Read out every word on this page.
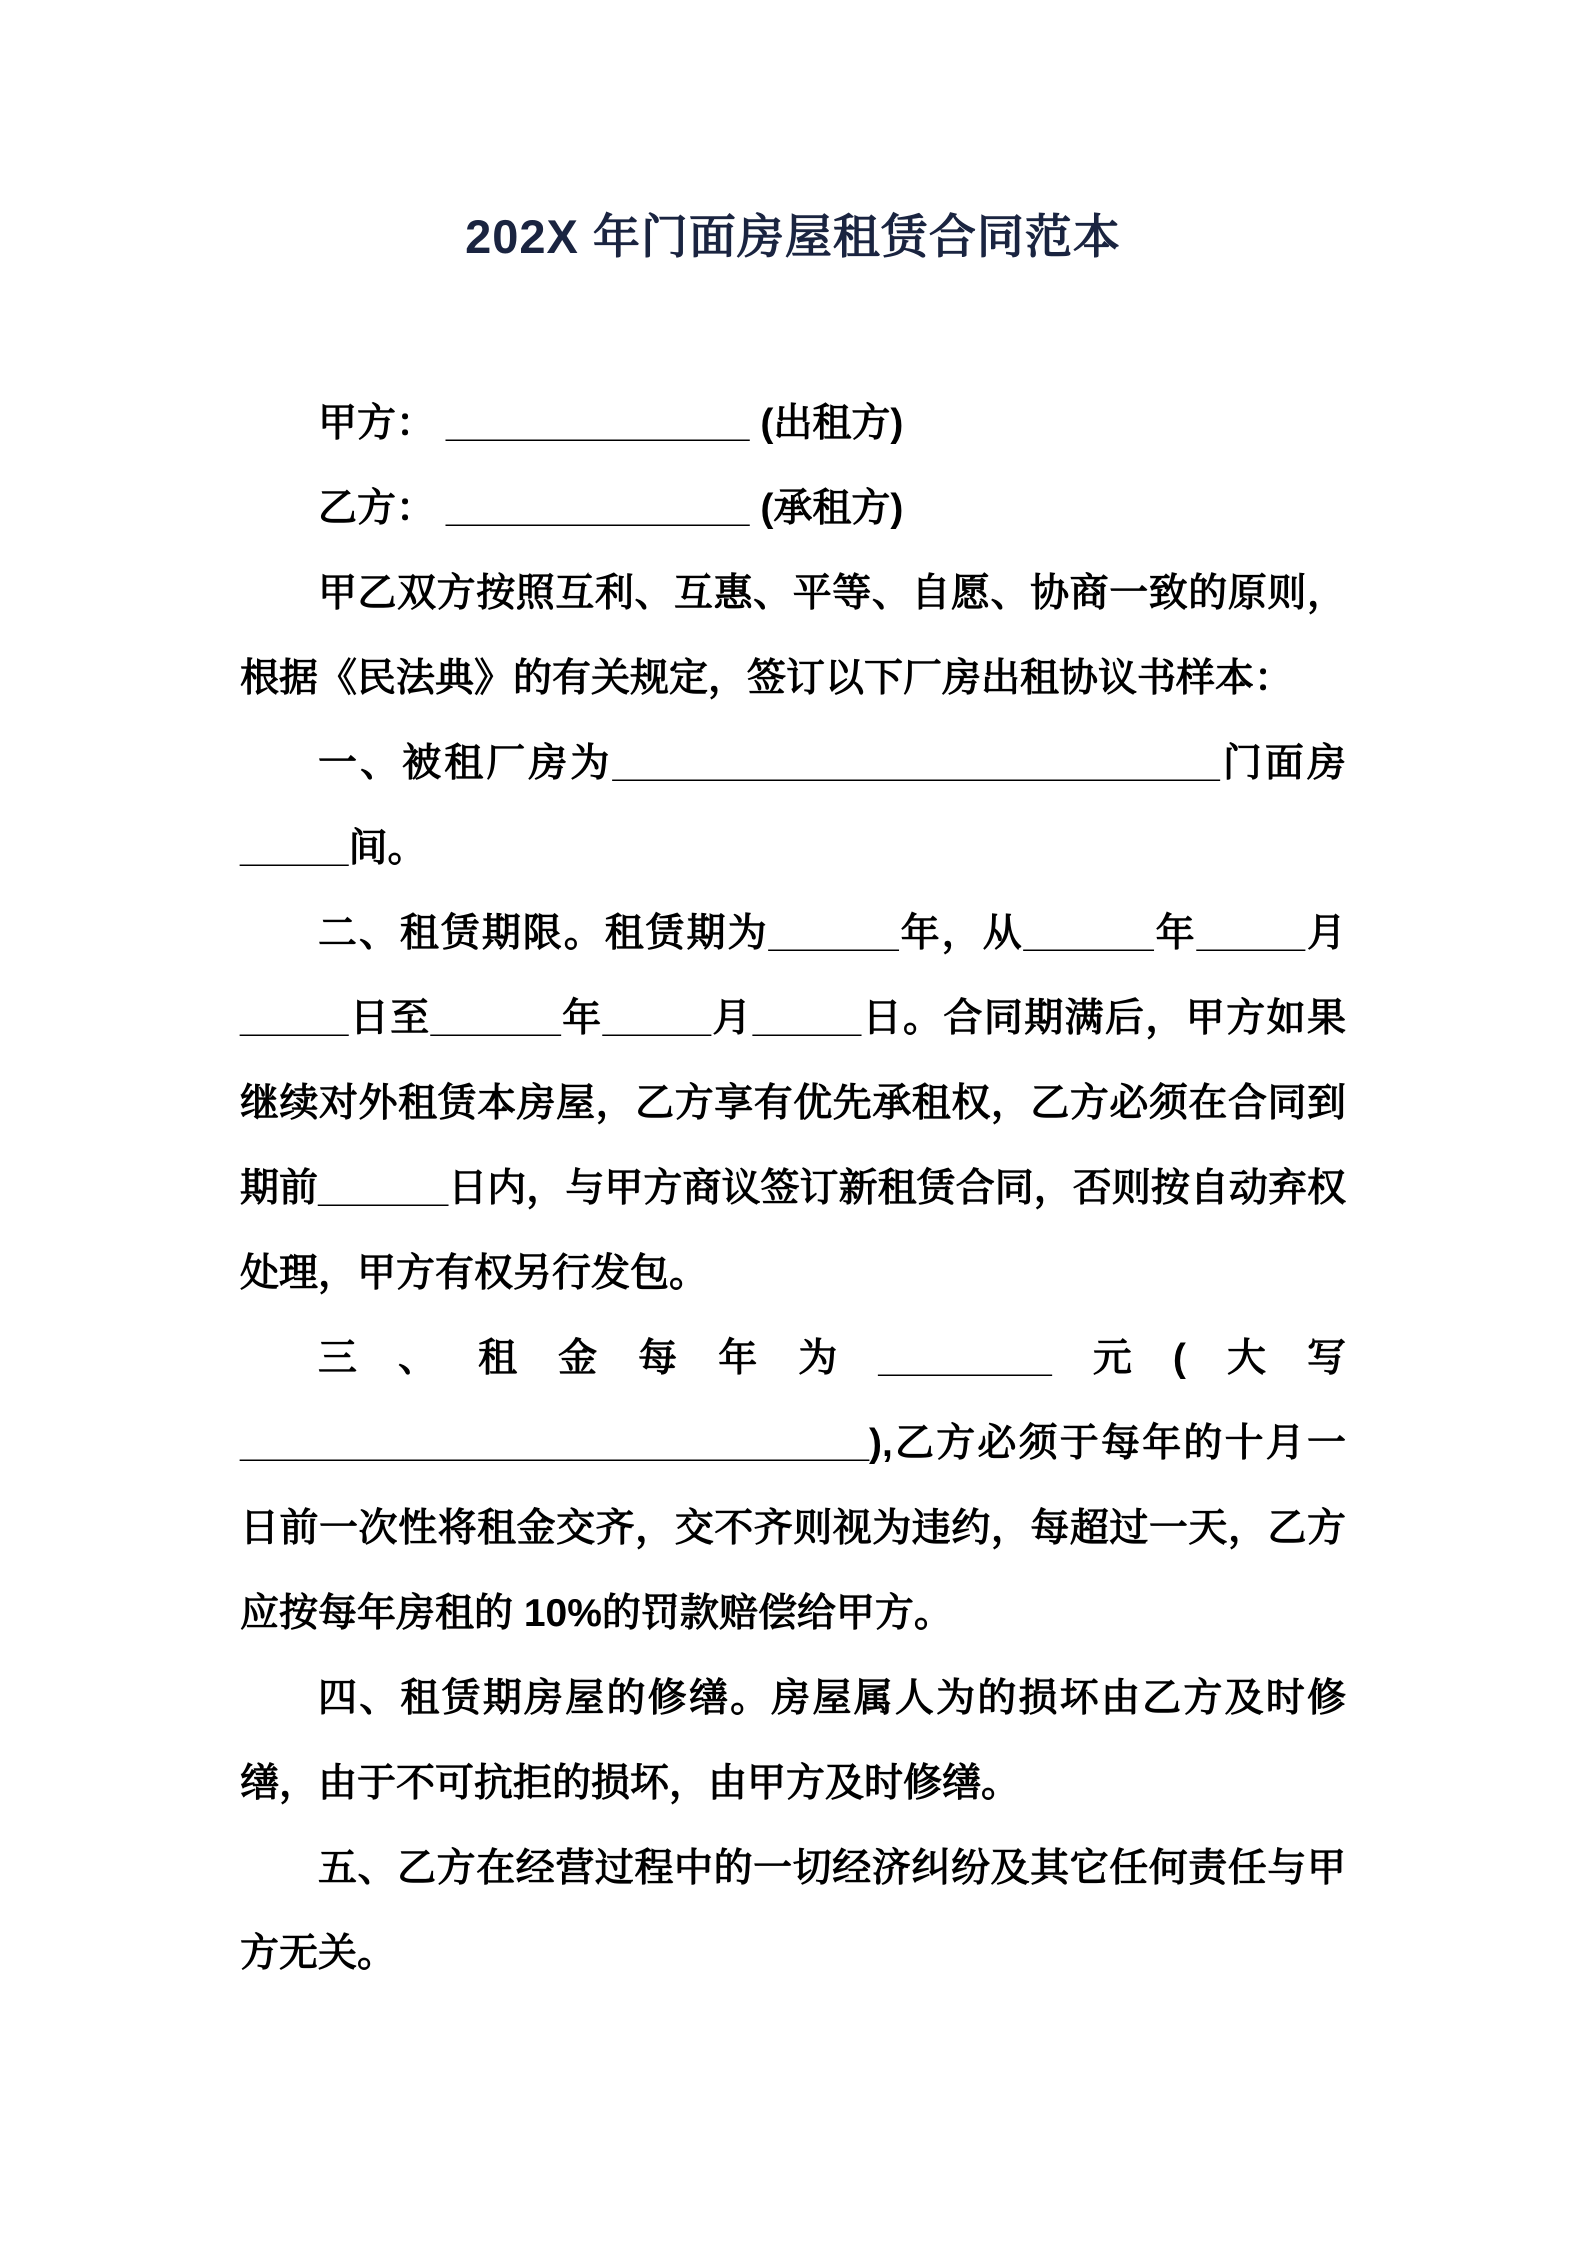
202X 年门面房屋租赁合同范本

甲方： ______________ (出租方)

乙方： ______________ (承租方)

甲乙双方按照互利、互惠、平等、自愿、协商一致的原则，根据《民法典》的有关规定，签订以下厂房出租协议书样本：

一、被租厂房为____________________________门面房_____间。

二、租赁期限。租赁期为______年，从______年_____月_____日至______年_____月_____日。合同期满后，甲方如果继续对外租赁本房屋，乙方享有优先承租权，乙方必须在合同到期前______日内，与甲方商议签订新租赁合同，否则按自动弃权处理，甲方有权另行发包。

三、租金每年为________元(大写_____________________________),乙方必须于每年的十月一日前一次性将租金交齐，交不齐则视为违约，每超过一天，乙方应按每年房租的 10%的罚款赔偿给甲方。

四、租赁期房屋的修缮。房屋属人为的损坏由乙方及时修缮，由于不可抗拒的损坏，由甲方及时修缮。

五、乙方在经营过程中的一切经济纠纷及其它任何责任与甲方无关。
